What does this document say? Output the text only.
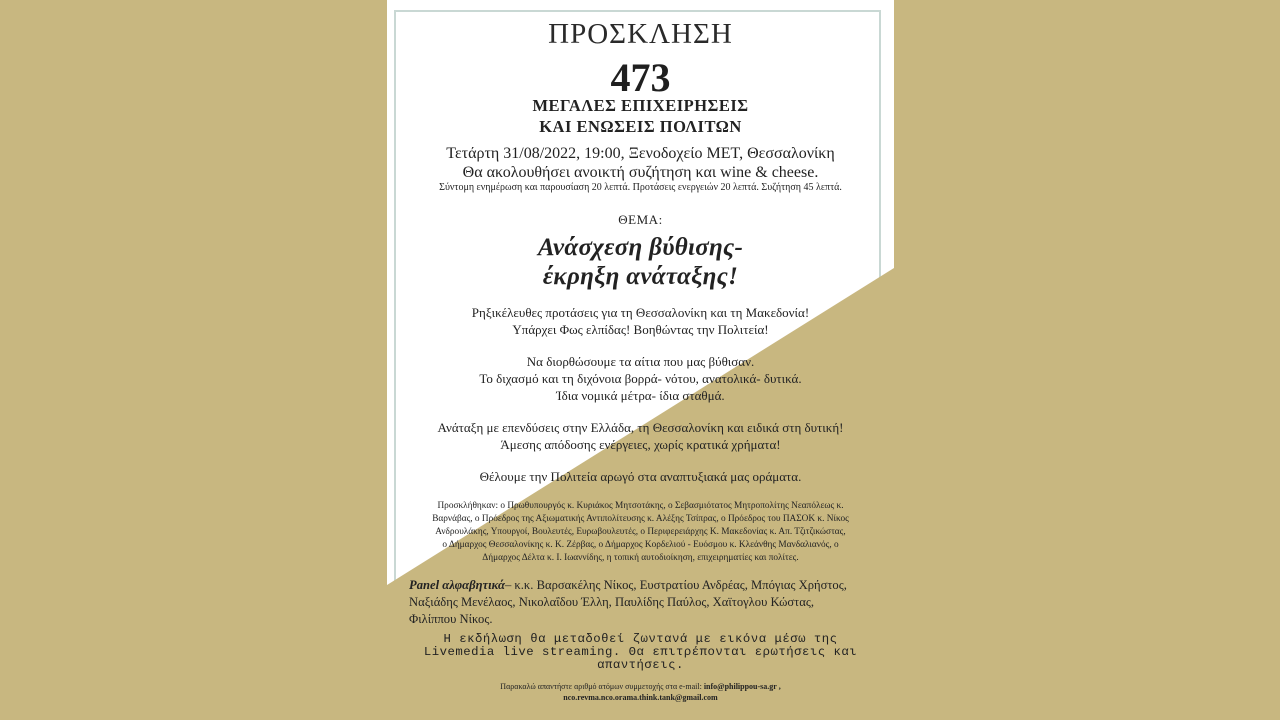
ΠΡΟΣΚΛΗΣΗ
473
ΜΕΓΑΛΕΣ ΕΠΙΧΕΙΡΗΣΕΙΣ
ΚΑΙ ΕΝΩΣΕΙΣ ΠΟΛΙΤΩΝ
Τετάρτη 31/08/2022, 19:00, Ξενοδοχείο ΜΕΤ, Θεσσαλονίκη
Θα ακολουθήσει ανοικτή συζήτηση και wine & cheese.
Σύντομη ενημέρωση και παρουσίαση 20 λεπτά. Προτάσεις ενεργειών 20 λεπτά. Συζήτηση 45 λεπτά.
ΘΕΜΑ:
Ανάσχεση βύθισης-
έκρηξη ανάταξης!
Ρηξικέλευθες προτάσεις για τη Θεσσαλονίκη και τη Μακεδονία!
Υπάρχει Φως ελπίδας! Βοηθώντας την Πολιτεία!
Να διορθώσουμε τα αίτια που μας βύθισαν.
Το διχασμό και τη διχόνοια βορρά- νότου, ανατολικά- δυτικά.
Ίδια νομικά μέτρα- ίδια σταθμά.
Ανάταξη με επενδύσεις στην Ελλάδα, τη Θεσσαλονίκη και ειδικά στη δυτική!
Άμεσης απόδοσης ενέργειες, χωρίς κρατικά χρήματα!
Θέλουμε την Πολιτεία αρωγό στα αναπτυξιακά μας οράματα.
Προσκλήθηκαν: ο Πρωθυπουργός κ. Κυριάκος Μητσοτάκης, ο Σεβασμιότατος Μητροπολίτης Νεαπόλεως κ.
Βαρνάβας, ο Πρόεδρος της Αξιωματικής Αντιπολίτευσης κ. Αλέξης Τσίπρας, ο Πρόεδρος του ΠΑΣΟΚ κ. Νίκος
Ανδρουλάκης, Υπουργοί, Βουλευτές, Ευρωβουλευτές, ο Περιφερειάρχης Κ. Μακεδονίας κ. Απ. Τζιτζικώστας,
ο Δήμαρχος Θεσσαλονίκης κ. Κ. Ζέρβας, ο Δήμαρχος Κορδελιού - Ευόσμου κ. Κλεάνθης Μανδαλιανός, ο
Δήμαρχος Δέλτα κ. Ι. Ιωαννίδης, η τοπική αυτοδιοίκηση, επιχειρηματίες και πολίτες.
Panel αλφαβητικά– κ.κ. Βαρσακέλης Νίκος, Ευστρατίου Ανδρέας, Μπόγιας Χρήστος,
Ναξιάδης Μενέλαος, Νικολαΐδου Έλλη, Παυλίδης Παύλος, Χαϊτογλου Κώστας,
Φιλίππου Νίκος.
Η εκδήλωση θα μεταδοθεί ζωντανά με εικόνα μέσω της
Livemedia live streaming. Θα επιτρέπονται ερωτήσεις και
απαντήσεις.
Παρακαλώ απαντήστε αριθμό ατόμων συμμετοχής στα e-mail: info@philippou-sa.gr ,
nco.revma.nco.orama.think.tank@gmail.com
